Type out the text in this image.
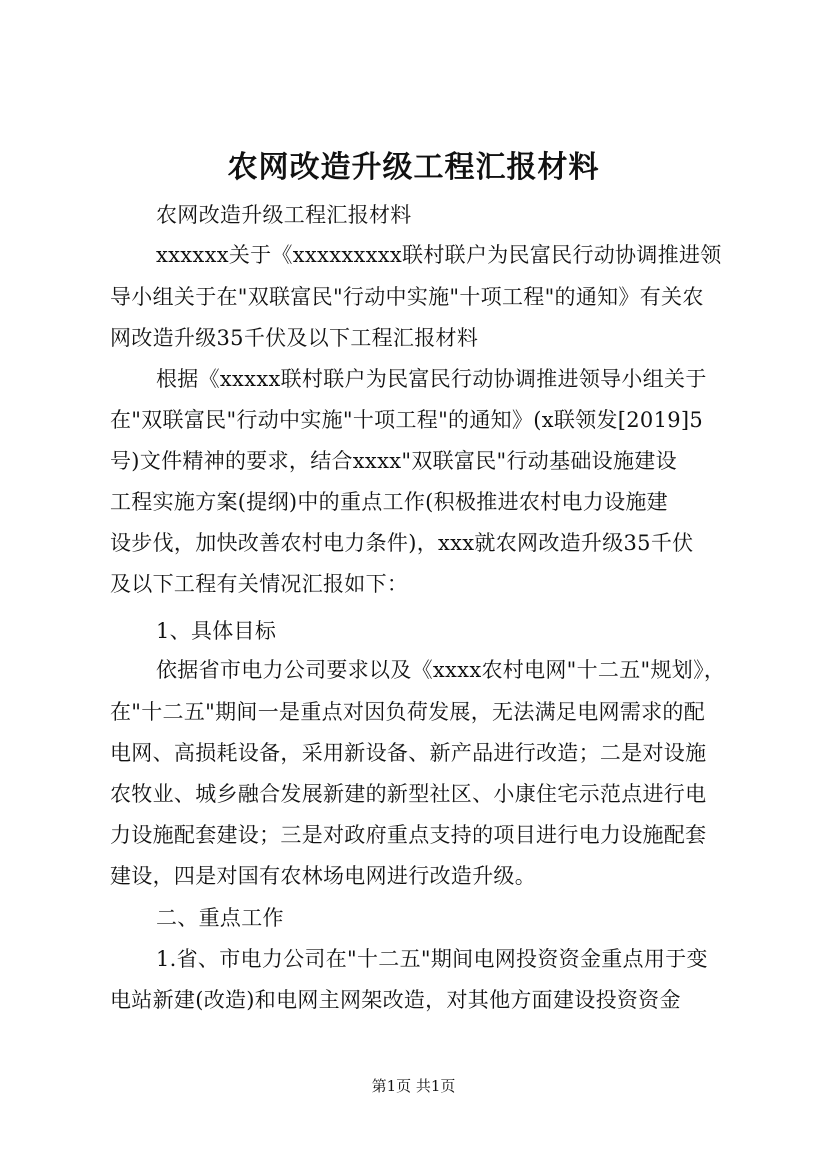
农网改造升级工程汇报材料
农网改造升级工程汇报材料
xxxxxx关于《xxxxxxxxx联村联户为民富民行动协调推进领
导小组关于在"双联富民"行动中实施"十项工程"的通知》有关农
网改造升级35千伏及以下工程汇报材料
根据《xxxxx联村联户为民富民行动协调推进领导小组关于
在"双联富民"行动中实施"十项工程"的通知》(x联领发[2019]5
号)文件精神的要求，结合xxxx"双联富民"行动基础设施建设
工程实施方案(提纲)中的重点工作(积极推进农村电力设施建
设步伐，加快改善农村电力条件)，xxx就农网改造升级35千伏
及以下工程有关情况汇报如下：
1、具体目标
依据省市电力公司要求以及《xxxx农村电网"十二五"规划》，
在"十二五"期间一是重点对因负荷发展，无法满足电网需求的配
电网、高损耗设备，采用新设备、新产品进行改造；二是对设施
农牧业、城乡融合发展新建的新型社区、小康住宅示范点进行电
力设施配套建设；三是对政府重点支持的项目进行电力设施配套
建设，四是对国有农林场电网进行改造升级。
二、重点工作
1.省、市电力公司在"十二五"期间电网投资资金重点用于变
电站新建(改造)和电网主网架改造，对其他方面建设投资资金
第1页 共1页
